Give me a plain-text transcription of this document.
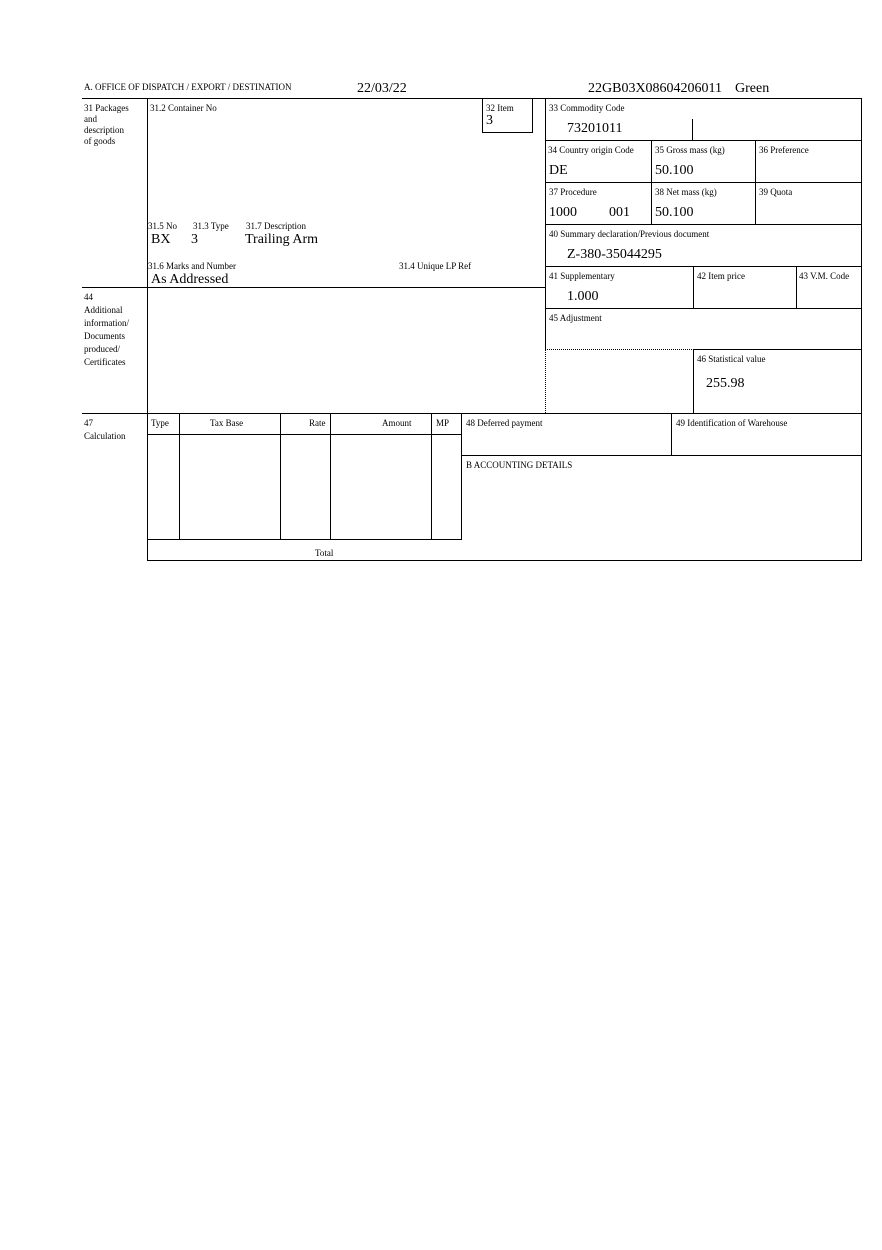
A. OFFICE OF DISPATCH / EXPORT / DESTINATION	22/03/22	22GB03X08604206011 Green
31 Packages
and
description
of goods
31.2 Container No
31.5 No 31.3 Type 31.7 Description
BX 3	Trailing Arm
31.6 Marks and Number	31.4 Unique LP Ref
As Addressed
32 Item
3
33 Commodity Code
73201011
34 Country origin Code
DE
35 Gross mass (kg)
50.100
36 Preference
37 Procedure
1000 001
38 Net mass (kg)
50.100
39 Quota
40 Summary declaration/Previous document
Z-380-35044295
41 Supplementary
1.000
42 Item price	43 V.M. Code
45 Adjustment
46 Statistical value
255.98
44
Additional
information/
Documents
produced/
Certificates
47
Calculation
Type	Tax Base	Rate	Amount	MP
Total
48 Deferred payment	49 Identification of Warehouse
B ACCOUNTING DETAILS
